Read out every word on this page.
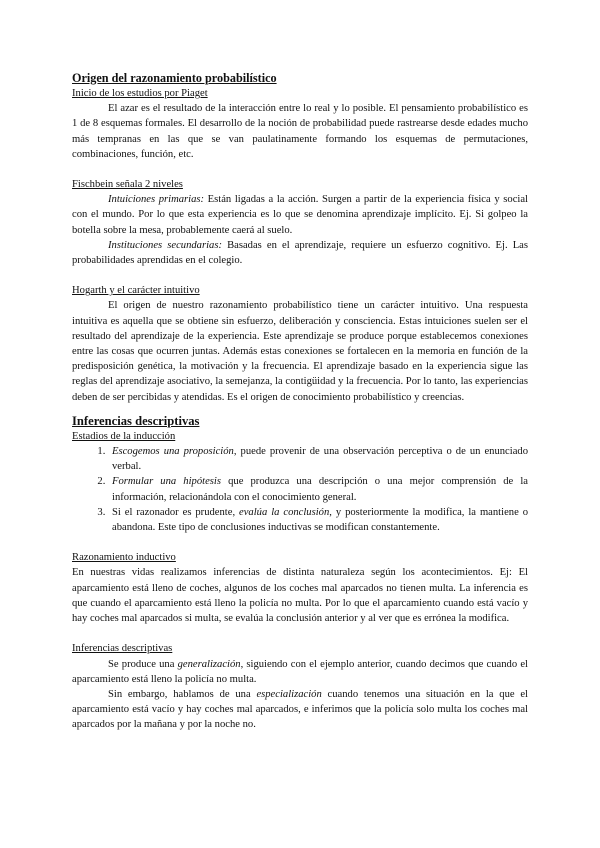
Origen del razonamiento probabilístico

Inicio de los estudios por Piaget

El azar es el resultado de la interacción entre lo real y lo posible. El pensamiento probabilístico es 1 de 8 esquemas formales. El desarrollo de la noción de probabilidad puede rastrearse desde edades mucho más tempranas en las que se van paulatinamente formando los esquemas de permutaciones, combinaciones, función, etc.

Fischbein señala 2 niveles

Intuiciones primarias: Están ligadas a la acción. Surgen a partir de la experiencia física y social con el mundo. Por lo que esta experiencia es lo que se denomina aprendizaje implícito. Ej. Si golpeo la botella sobre la mesa, probablemente caerá al suelo.

Instituciones secundarias: Basadas en el aprendizaje, requiere un esfuerzo cognitivo. Ej. Las probabilidades aprendidas en el colegio.

Hogarth y el carácter intuitivo

El origen de nuestro razonamiento probabilístico tiene un carácter intuitivo. Una respuesta intuitiva es aquella que se obtiene sin esfuerzo, deliberación y consciencia. Estas intuiciones suelen ser el resultado del aprendizaje de la experiencia. Este aprendizaje se produce porque establecemos conexiones entre las cosas que ocurren juntas. Además estas conexiones se fortalecen en la memoria en función de la predisposición genética, la motivación y la frecuencia. El aprendizaje basado en la experiencia sigue las reglas del aprendizaje asociativo, la semejanza, la contigüidad y la frecuencia. Por lo tanto, las experiencias deben de ser percibidas y atendidas. Es el origen de conocimiento probabilístico y creencias.

Inferencias descriptivas

Estadios de la inducción

1. Escogemos una proposición, puede provenir de una observación perceptiva o de un enunciado verbal.
2. Formular una hipótesis que produzca una descripción o una mejor comprensión de la información, relacionándola con el conocimiento general.
3. Si el razonador es prudente, evalúa la conclusión, y posteriormente la modifica, la mantiene o abandona. Este tipo de conclusiones inductivas se modifican constantemente.

Razonamiento inductivo

En nuestras vidas realizamos inferencias de distinta naturaleza según los acontecimientos. Ej: El aparcamiento está lleno de coches, algunos de los coches mal aparcados no tienen multa. La inferencia es que cuando el aparcamiento está lleno la policía no multa. Por lo que el aparcamiento cuando está vacío y hay coches mal aparcados si multa, se evalúa la conclusión anterior y al ver que es errónea la modifica.

Inferencias descriptivas

Se produce una generalización, siguiendo con el ejemplo anterior, cuando decimos que cuando el aparcamiento está lleno la policía no multa.

Sin embargo, hablamos de una especialización cuando tenemos una situación en la que el aparcamiento está vacío y hay coches mal aparcados, e inferimos que la policía solo multa los coches mal aparcados por la mañana y por la noche no.
